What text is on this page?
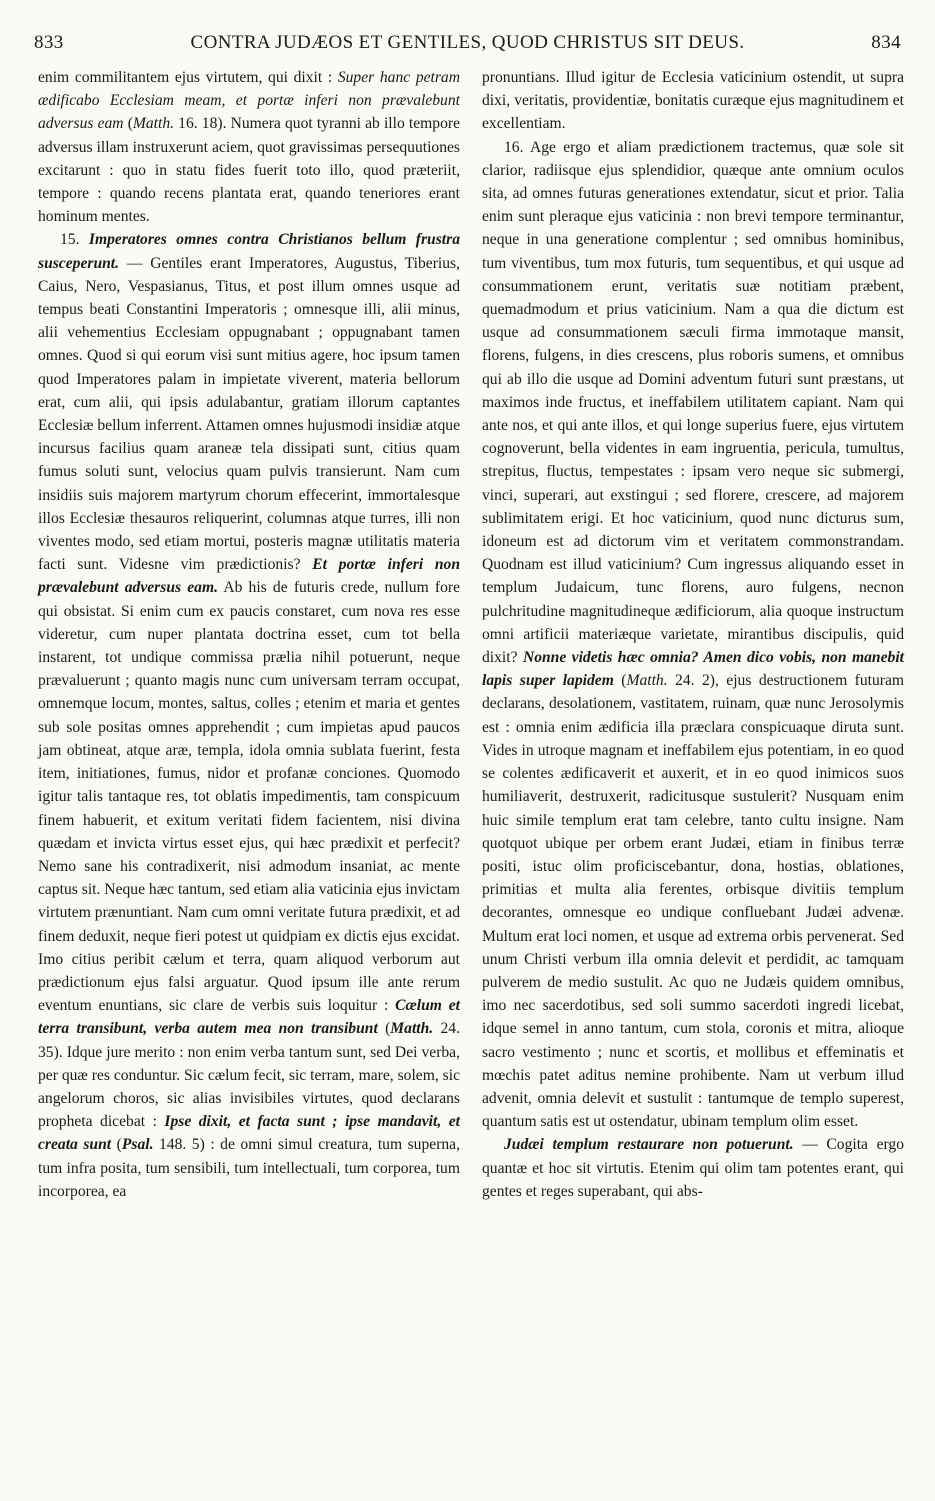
833	CONTRA JUDÆOS ET GENTILES, QUOD CHRISTUS SIT DEUS.	834

enim commilitantem ejus virtutem, qui dixit : Super hanc petram ædificabo Ecclesiam meam, et portæ inferi non prævalebunt adversus eam (Matth. 16. 18). Numera quot tyranni ab illo tempore adversus illam instruxerunt aciem, quot gravissimas persequutiones excitarunt : quo in statu fides fuerit toto illo, quod præteriit, tempore : quando recens plantata erat, quando teneriores erant hominum mentes.

15. Imperatores omnes contra Christianos bellum frustra susceperunt. — Gentiles erant Imperatores, Augustus, Tiberius, Caius, Nero, Vespasianus, Titus, et post illum omnes usque ad tempus beati Constantini Imperatoris ; omnesque illi, alii minus, alii vehementius Ecclesiam oppugnabant ; oppugnabant tamen omnes. Quod si qui eorum visi sunt mitius agere, hoc ipsum tamen quod Imperatores palam in impietate viverent, materia bellorum erat, cum alii, qui ipsis adulabantur, gratiam illorum captantes Ecclesiæ bellum inferrent. Attamen omnes hujusmodi insidiæ atque incursus facilius quam araneæ tela dissipati sunt, citius quam fumus soluti sunt, velocius quam pulvis transierunt. Nam cum insidiis suis majorem martyrum chorum effecerint, immortalesque illos Ecclesiæ thesauros reliquerint, columnas atque turres, illi non viventes modo, sed etiam mortui, posteris magnæ utilitatis materia facti sunt. Videsne vim prædictionis? Et portæ inferi non prævalebunt adversus eam. Ab his de futuris crede, nullum fore qui obsistat. Si enim cum ex paucis constaret, cum nova res esse videretur, cum nuper plantata doctrina esset, cum tot bella instarent, tot undique commissa prælia nihil potuerunt, neque prævaluerunt ; quanto magis nunc cum universam terram occupat, omnemque locum, montes, saltus, colles ; etenim et maria et gentes sub sole positas omnes apprehendit ; cum impietas apud paucos jam obtineat, atque aræ, templa, idola omnia sublata fuerint, festa item, initiationes, fumus, nidor et profanæ conciones. Quomodo igitur talis tantaque res, tot oblatis impedimentis, tam conspicuum finem habuerit, et exitum veritati fidem facientem, nisi divina quædam et invicta virtus esset ejus, qui hæc prædixit et perfecit? Nemo sane his contradixerit, nisi admodum insaniat, ac mente captus sit. Neque hæc tantum, sed etiam alia vaticinia ejus invictam virtutem prænuntiant. Nam cum omni veritate futura prædixit, et ad finem deduxit, neque fieri potest ut quidpiam ex dictis ejus excidat. Imo citius peribit cælum et terra, quam aliquod verborum aut prædictionum ejus falsi arguatur. Quod ipsum ille ante rerum eventum enuntians, sic clare de verbis suis loquitur : Cælum et terra transibunt, verba autem mea non transibunt (Matth. 24. 35). Idque jure merito : non enim verba tantum sunt, sed Dei verba, per quæ res conduntur. Sic cælum fecit, sic terram, mare, solem, sic angelorum choros, sic alias invisibiles virtutes, quod declarans propheta dicebat : Ipse dixit, et facta sunt ; ipse mandavit, et creata sunt (Psal. 148. 5) : de omni simul creatura, tum superna, tum infra posita, tum sensibili, tum intellectuali, tum corporea, tum incorporea, ea

pronuntians. Illud igitur de Ecclesia vaticinium ostendit, ut supra dixi, veritatis, providentiæ, bonitatis curæque ejus magnitudinem et excellentiam.

16. Age ergo et aliam prædictionem tractemus, quæ sole sit clarior, radiisque ejus splendidior, quæque ante omnium oculos sita, ad omnes futuras generationes extendatur, sicut et prior. Talia enim sunt pleraque ejus vaticinia : non brevi tempore terminantur, neque in una generatione complentur ; sed omnibus hominibus, tum viventibus, tum mox futuris, tum sequentibus, et qui usque ad consummationem erunt, veritatis suæ notitiam præbent, quemadmodum et prius vaticinium. Nam a qua die dictum est usque ad consummationem sæculi firma immotaque mansit, florens, fulgens, in dies crescens, plus roboris sumens, et omnibus qui ab illo die usque ad Domini adventum futuri sunt præstans, ut maximos inde fructus, et ineffabilem utilitatem capiant. Nam qui ante nos, et qui ante illos, et qui longe superius fuere, ejus virtutem cognoverunt, bella videntes in eam ingruentia, pericula, tumultus, strepitus, fluctus, tempestates : ipsam vero neque sic submergi, vinci, superari, aut exstingui ; sed florere, crescere, ad majorem sublimitatem erigi. Et hoc vaticinium, quod nunc dicturus sum, idoneum est ad dictorum vim et veritatem commonstrandam. Quodnam est illud vaticinium? Cum ingressus aliquando esset in templum Judaicum, tunc florens, auro fulgens, necnon pulchritudine magnitudineque ædificiorum, alia quoque instructum omni artificii materiæque varietate, mirantibus discipulis, quid dixit? Nonne videtis hæc omnia? Amen dico vobis, non manebit lapis super lapidem (Matth. 24. 2), ejus destructionem futuram declarans, desolationem, vastitatem, ruinam, quæ nunc Jerosolymis est : omnia enim ædificia illa præclara conspicuaque diruta sunt. Vides in utroque magnam et ineffabilem ejus potentiam, in eo quod se colentes ædificaverit et auxerit, et in eo quod inimicos suos humiliaverit, destruxerit, radicitusque sustulerit? Nusquam enim huic simile templum erat tam celebre, tanto cultu insigne. Nam quotquot ubique per orbem erant Judæi, etiam in finibus terræ positi, istuc olim proficiscebantur, dona, hostias, oblationes, primitias et multa alia ferentes, orbisque divitiis templum decorantes, omnesque eo undique confluebant Judæi advenæ. Multum erat loci nomen, et usque ad extrema orbis pervenerat. Sed unum Christi verbum illa omnia delevit et perdidit, ac tamquam pulverem de medio sustulit. Ac quo ne Judæis quidem omnibus, imo nec sacerdotibus, sed soli summo sacerdoti ingredi licebat, idque semel in anno tantum, cum stola, coronis et mitra, alioque sacro vestimento ; nunc et scortis, et mollibus et effeminatis et mœchis patet aditus nemine prohibente. Nam ut verbum illud advenit, omnia delevit et sustulit : tantumque de templo superest, quantum satis est ut ostendatur, ubinam templum olim esset.

Judæi templum restaurare non potuerunt. — Cogita ergo quantæ et hoc sit virtutis. Etenim qui olim tam potentes erant, qui gentes et reges superabant, qui abs-
